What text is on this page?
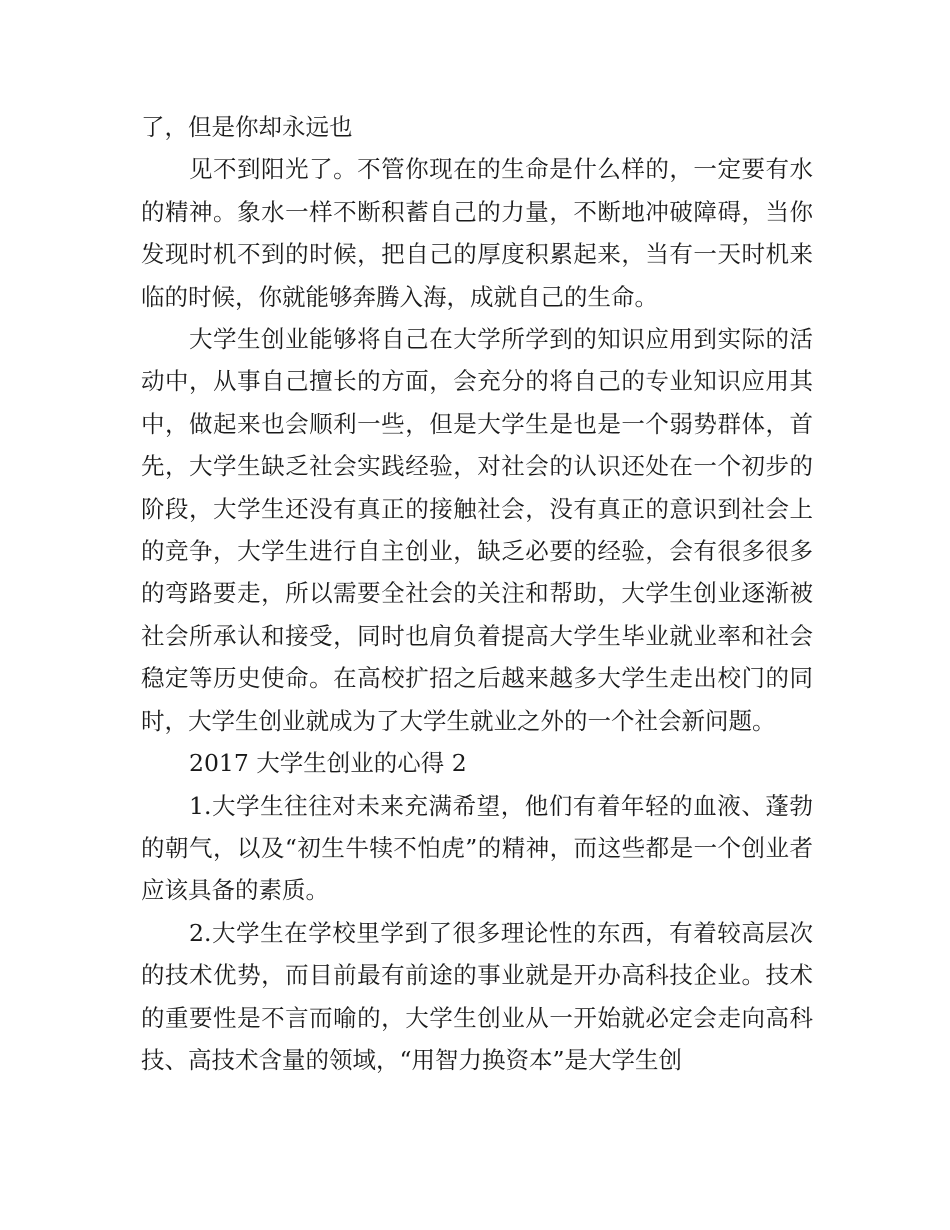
了，但是你却永远也

见不到阳光了。不管你现在的生命是什么样的，一定要有水的精神。象水一样不断积蓄自己的力量，不断地冲破障碍，当你发现时机不到的时候，把自己的厚度积累起来，当有一天时机来临的时候，你就能够奔腾入海，成就自己的生命。

大学生创业能够将自己在大学所学到的知识应用到实际的活动中，从事自己擅长的方面，会充分的将自己的专业知识应用其中，做起来也会顺利一些，但是大学生是也是一个弱势群体，首先，大学生缺乏社会实践经验，对社会的认识还处在一个初步的阶段，大学生还没有真正的接触社会，没有真正的意识到社会上的竞争，大学生进行自主创业，缺乏必要的经验，会有很多很多的弯路要走，所以需要全社会的关注和帮助，大学生创业逐渐被社会所承认和接受，同时也肩负着提高大学生毕业就业率和社会稳定等历史使命。在高校扩招之后越来越多大学生走出校门的同时，大学生创业就成为了大学生就业之外的一个社会新问题。

2017 大学生创业的心得 2

1.大学生往往对未来充满希望，他们有着年轻的血液、蓬勃的朝气，以及“初生牛犊不怕虎”的精神，而这些都是一个创业者应该具备的素质。

2.大学生在学校里学到了很多理论性的东西，有着较高层次的技术优势，而目前最有前途的事业就是开办高科技企业。技术的重要性是不言而喻的，大学生创业从一开始就必定会走向高科技、高技术含量的领域，“用智力换资本”是大学生创
